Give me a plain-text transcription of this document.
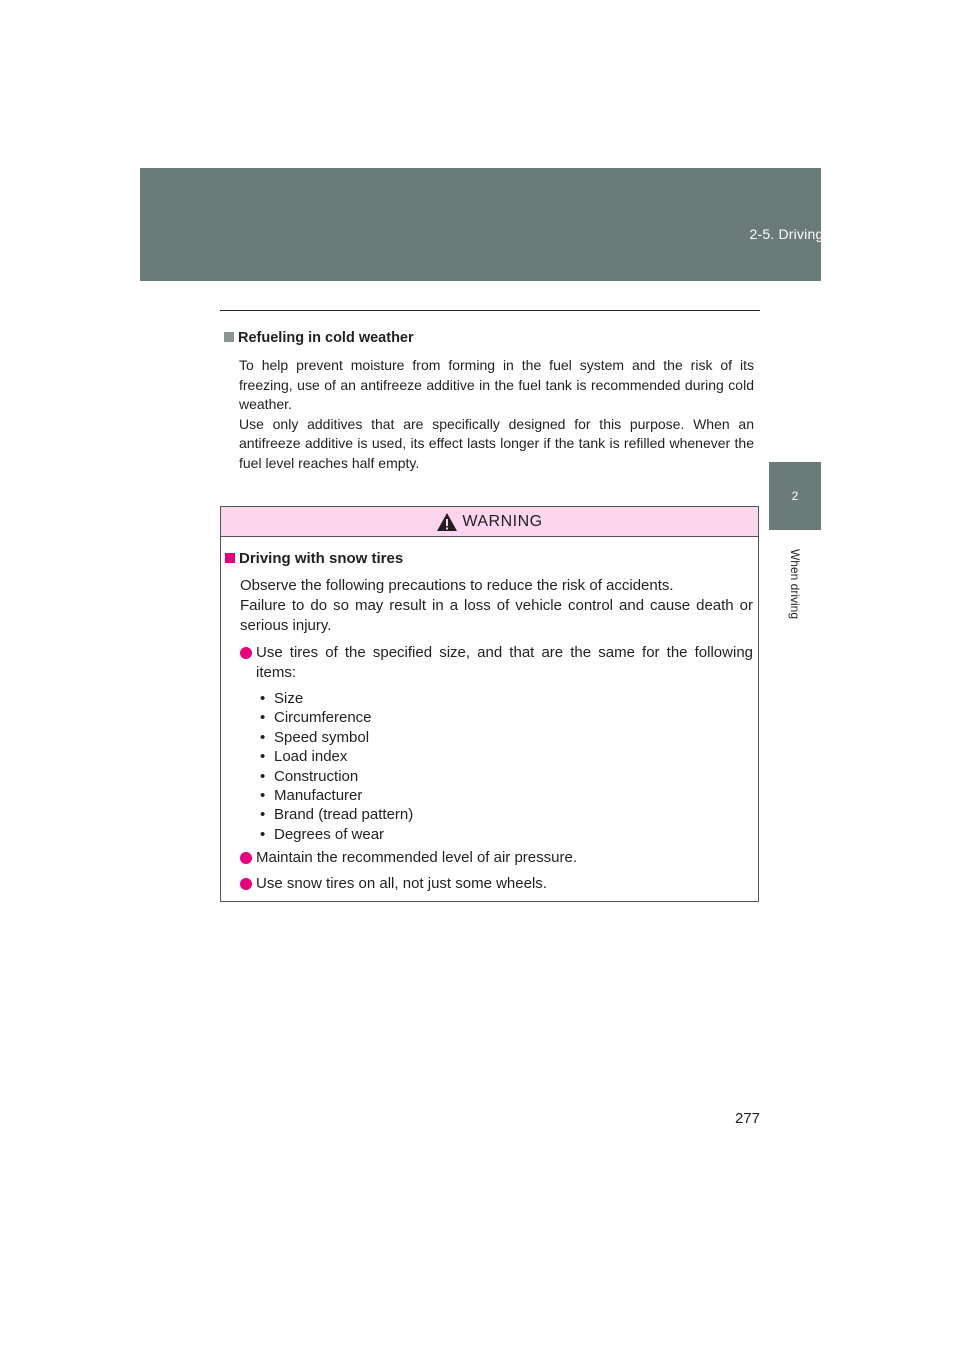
2-5. Driving information
2
When driving
Refueling in cold weather

To help prevent moisture from forming in the fuel system and the risk of its freezing, use of an antifreeze additive in the fuel tank is recommended during cold weather.

Use only additives that are specifically designed for this purpose. When an antifreeze additive is used, its effect lasts longer if the tank is refilled whenever the fuel level reaches half empty.

WARNING
Driving with snow tires

Observe the following precautions to reduce the risk of accidents.

Failure to do so may result in a loss of vehicle control and cause death or serious injury.

Use tires of the specified size, and that are the same for the following items:
• Size
• Circumference
• Speed symbol
• Load index
• Construction
• Manufacturer
• Brand (tread pattern)
• Degrees of wear
Maintain the recommended level of air pressure.
Use snow tires on all, not just some wheels.
277
